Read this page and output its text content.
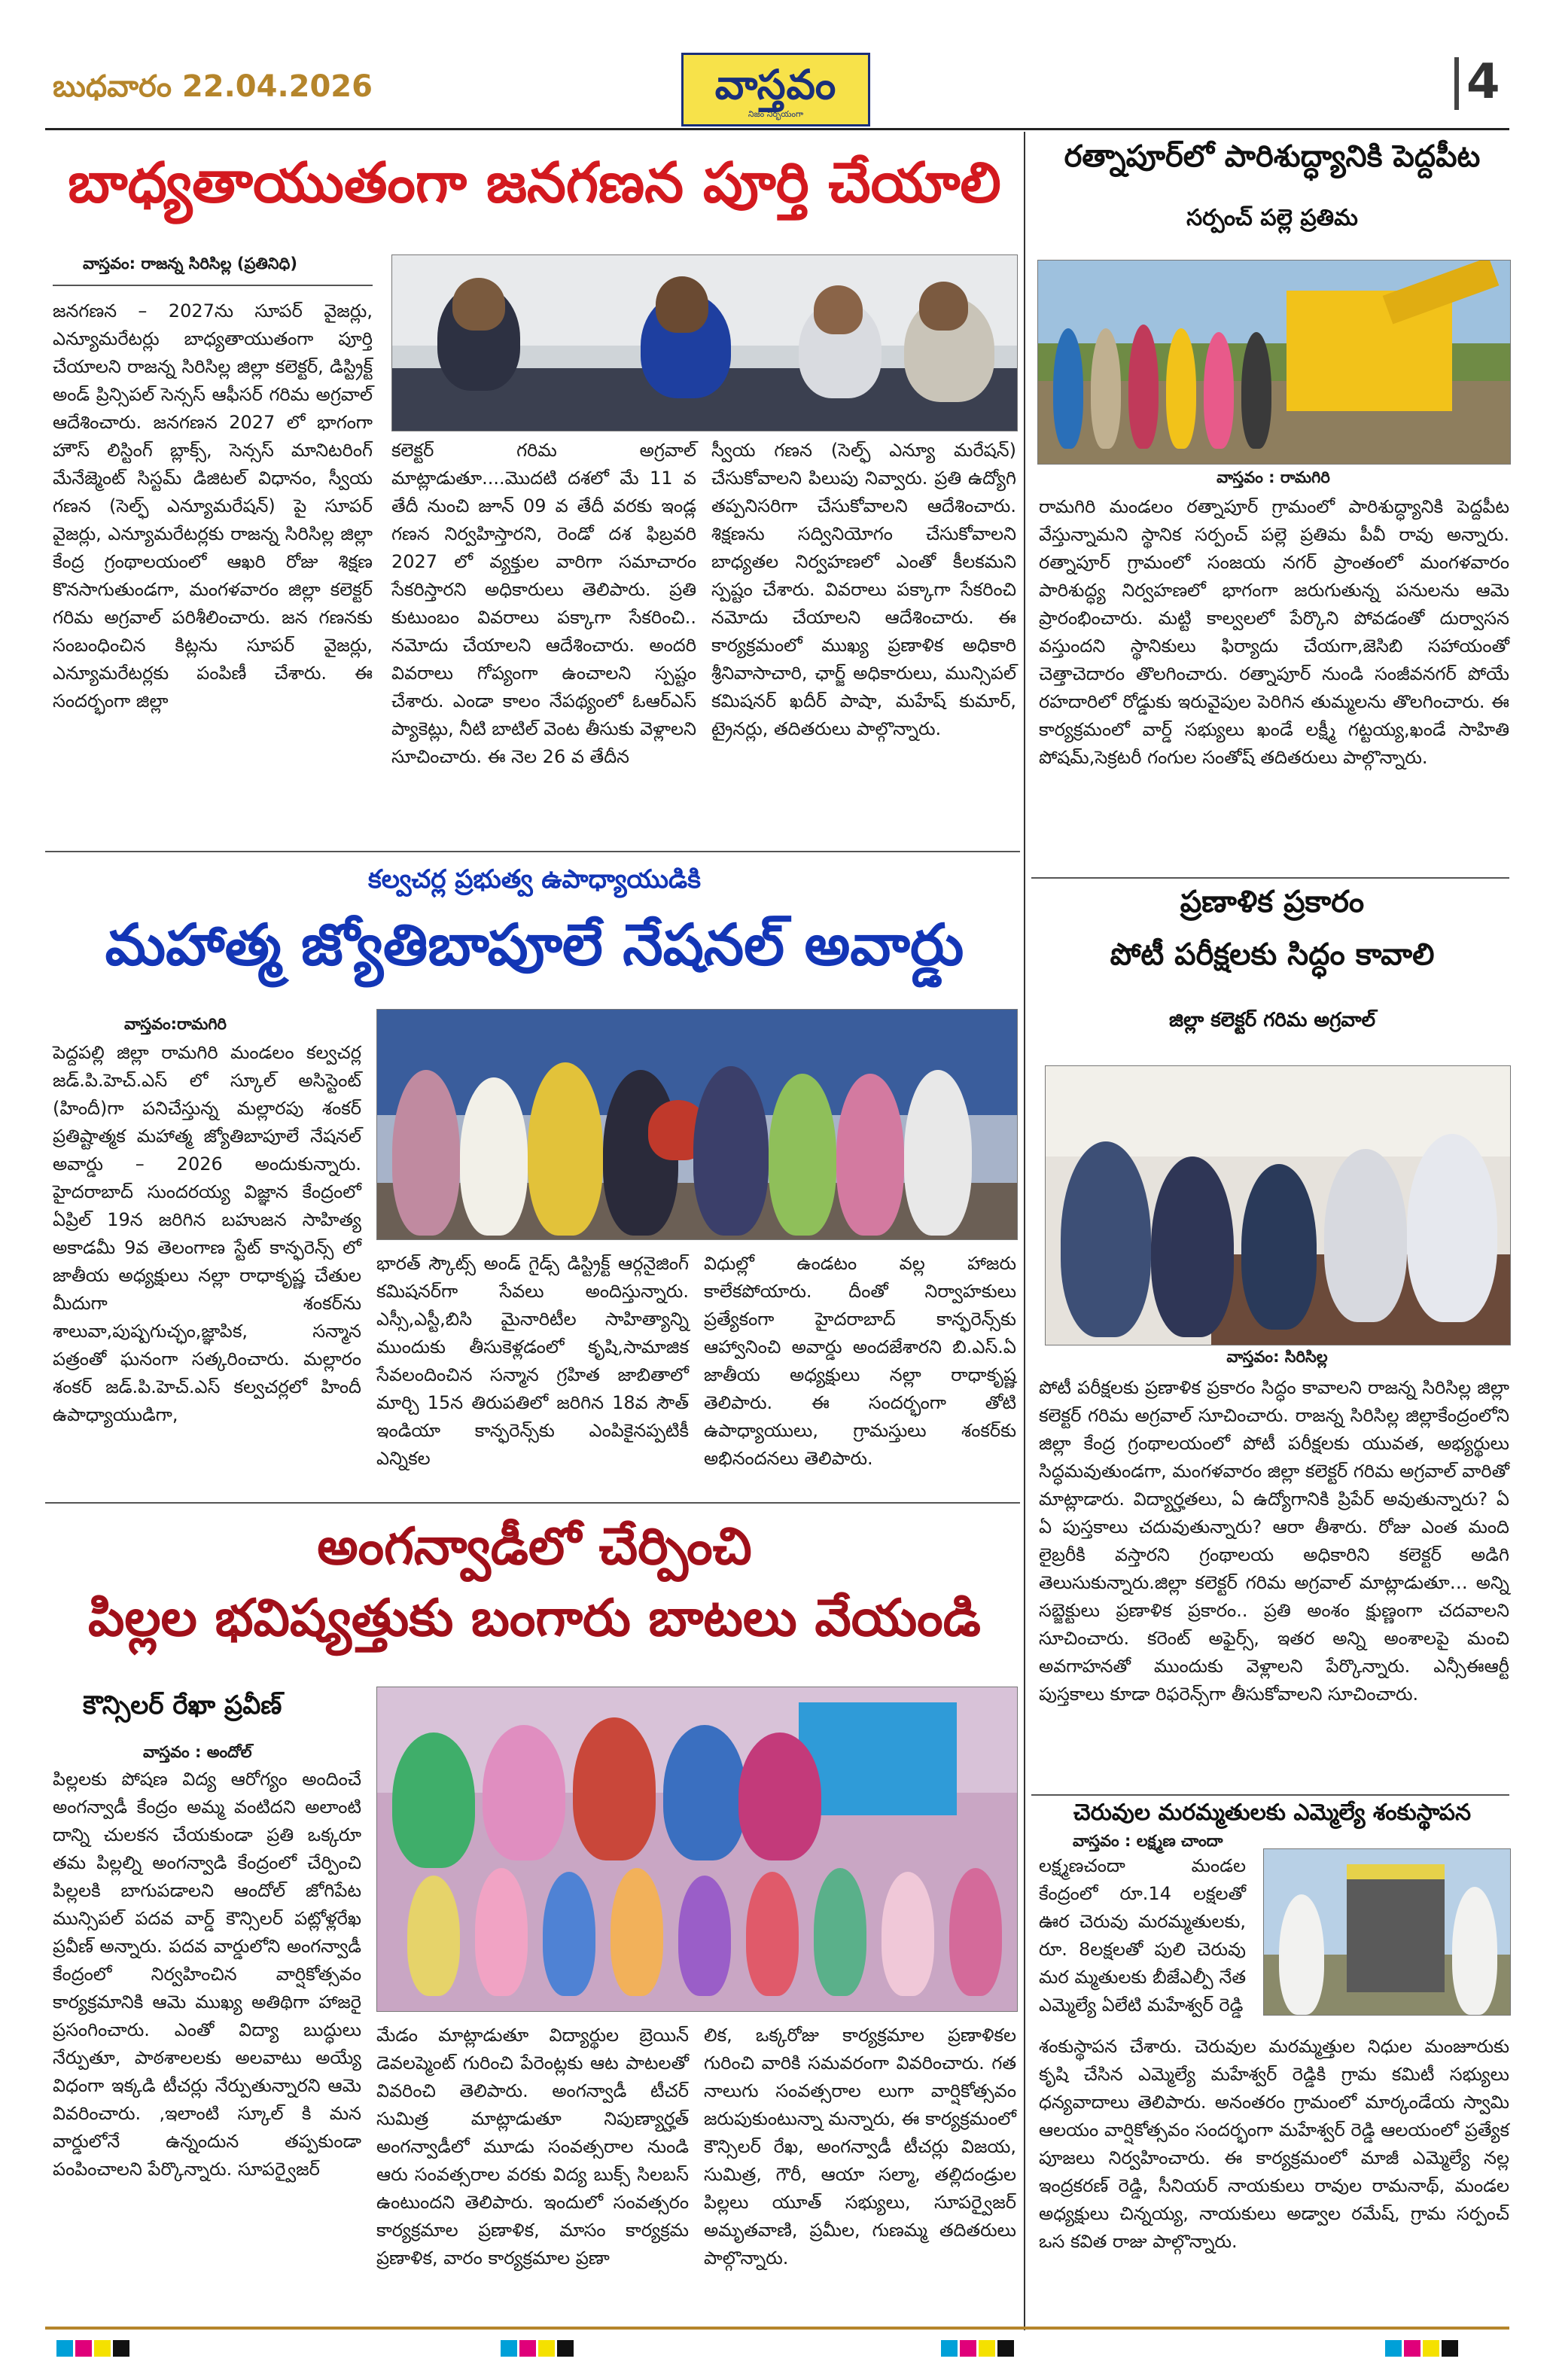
బుధవారం 22.04.2026	వాస్తవం
నిజం నిర్భయంగా
4
బాధ్యతాయుతంగా జనగణన పూర్తి చేయాలి
వాస్తవం: రాజన్న సిరిసిల్ల (ప్రతినిధి)

జనగణన – 2027ను సూపర్ వైజర్లు, ఎన్యూమరేటర్లు బాధ్యతాయుతంగా పూర్తి చేయాలని రాజన్న సిరిసిల్ల జిల్లా కలెక్టర్, డిస్ట్రిక్ట్ అండ్ ప్రిన్సిపల్ సెన్సస్ ఆఫీసర్ గరిమ అగ్రవాల్ ఆదేశించారు. జనగణన 2027 లో భాగంగా హౌస్ లిస్టింగ్ బ్లాక్స్, సెన్సస్ మానిటరింగ్ మేనేజ్మెంట్ సిస్టమ్ డిజిటల్ విధానం, స్వీయ గణన (సెల్ఫ్ ఎన్యూమరేషన్) పై సూపర్ వైజర్లు, ఎన్యూమరేటర్లకు రాజన్న సిరిసిల్ల జిల్లా కేంద్ర గ్రంథాలయంలో ఆఖరి రోజు శిక్షణ కొనసాగుతుండగా, మంగళవారం జిల్లా కలెక్టర్ గరిమ అగ్రవాల్ పరిశీలించారు. జన గణనకు సంబంధించిన కిట్లను సూపర్ వైజర్లు, ఎన్యూమరేటర్లకు పంపిణీ చేశారు. ఈ సందర్భంగా జిల్లా

కలెక్టర్ గరిమ అగ్రవాల్ మాట్లాడుతూ....మొదటి దశలో మే 11 వ తేదీ నుంచి జూన్ 09 వ తేదీ వరకు ఇండ్ల గణన నిర్వహిస్తారని, రెండో దశ ఫిబ్రవరి 2027 లో వ్యక్తుల వారిగా సమాచారం సేకరిస్తారని అధికారులు తెలిపారు. ప్రతి కుటుంబం వివరాలు పక్కాగా సేకరించి.. నమోదు చేయాలని ఆదేశించారు. అందరి వివరాలు గోప్యంగా ఉంచాలని స్పష్టం చేశారు. ఎండా కాలం నేపథ్యంలో ఓఆర్ఎస్ ప్యాకెట్లు, నీటి బాటిల్ వెంట తీసుకు వెళ్లాలని సూచించారు. ఈ నెల 26 వ తేదీన

స్వీయ గణన (సెల్ఫ్ ఎన్యూ మరేషన్) చేసుకోవాలని పిలుపు నివ్వారు. ప్రతి ఉద్యోగి తప్పనిసరిగా చేసుకోవాలని ఆదేశించారు. శిక్షణను సద్వినియోగం చేసుకోవాలని బాధ్యతల నిర్వహణలో ఎంతో కీలకమని స్పష్టం చేశారు. వివరాలు పక్కాగా సేకరించి నమోదు చేయాలని ఆదేశించారు. ఈ కార్యక్రమంలో ముఖ్య ప్రణాళిక అధికారి శ్రీనివాసాచారి, ఛార్జ్ అధికారులు, మున్సిపల్ కమిషనర్ ఖదీర్ పాషా, మహేష్ కుమార్, ట్రైనర్లు, తదితరులు పాల్గొన్నారు.

కల్వచర్ల ప్రభుత్వ ఉపాధ్యాయుడికి
మహాత్మ జ్యోతిబాపూలే నేషనల్ అవార్డు
వాస్తవం:రామగిరి

పెద్దపల్లి జిల్లా రామగిరి మండలం కల్వచర్ల జడ్.పి.హెచ్.ఎస్ లో స్కూల్ అసిస్టెంట్ (హిందీ)గా పనిచేస్తున్న మల్లారపు శంకర్ ప్రతిష్టాత్మక మహాత్మ జ్యోతిబాపూలే నేషనల్ అవార్డు – 2026 అందుకున్నారు. హైదరాబాద్ సుందరయ్య విజ్ఞాన కేంద్రంలో ఏప్రిల్ 19న జరిగిన బహుజన సాహిత్య అకాడమీ 9వ తెలంగాణ స్టేట్ కాన్ఫరెన్స్ లో జాతీయ అధ్యక్షులు నల్లా రాధాకృష్ణ చేతుల మీదుగా శంకర్‌ను శాలువా,పుష్పగుచ్ఛం,జ్ఞాపిక, సన్మాన పత్రంతో ఘనంగా సత్కరించారు. మల్లారం శంకర్ జడ్.పి.హెచ్.ఎస్ కల్వచర్లలో హిందీ ఉపాధ్యాయుడిగా,

భారత్ స్కౌట్స్ అండ్ గైడ్స్ డిస్ట్రిక్ట్ ఆర్గనైజింగ్ కమిషనర్‌గా సేవలు అందిస్తున్నారు. ఎస్సీ,ఎస్టీ,బిసి మైనారిటీల సాహిత్యాన్ని ముందుకు తీసుకెళ్లడంలో కృషి,సామాజిక సేవలందించిన సన్మాన గ్రహిత జాబితాలో మార్చి 15న తిరుపతిలో జరిగిన 18వ సౌత్ ఇండియా కాన్ఫరెన్స్‌కు ఎంపికైనప్పటికీ ఎన్నికల

విధుల్లో ఉండటం వల్ల హాజరు కాలేకపోయారు. దీంతో నిర్వాహకులు ప్రత్యేకంగా హైదరాబాద్ కాన్ఫరెన్స్‌కు ఆహ్వానించి అవార్డు అందజేశారని బి.ఎస్.ఏ జాతీయ అధ్యక్షులు నల్లా రాధాకృష్ణ తెలిపారు. ఈ సందర్భంగా తోటి ఉపాధ్యాయులు, గ్రామస్తులు శంకర్‌కు అభినందనలు తెలిపారు.

అంగన్వాడీలో చేర్పించి
పిల్లల భవిష్యత్తుకు బంగారు బాటలు వేయండి
కౌన్సిలర్ రేఖా ప్రవీణ్
వాస్తవం : అందోల్

పిల్లలకు పోషణ విద్య ఆరోగ్యం అందించే అంగన్వాడీ కేంద్రం అమ్మ వంటిదని అలాంటి దాన్ని చులకన చేయకుండా ప్రతి ఒక్కరూ తమ పిల్లల్ని అంగన్వాడి కేంద్రంలో చేర్పించి పిల్లలకి బాగుపడాలని ఆందోల్ జోగిపేట మున్సిపల్ పదవ వార్డ్ కౌన్సిలర్ పట్లోళ్లరేఖ ప్రవీణ్ అన్నారు. పదవ వార్డులోని అంగన్వాడీ కేంద్రంలో నిర్వహించిన వార్షికోత్సవం కార్యక్రమానికి ఆమె ముఖ్య అతిథిగా హాజరై ప్రసంగించారు. ఎంతో విద్యా బుద్ధులు నేర్పుతూ, పాఠశాలలకు అలవాటు అయ్యే విధంగా ఇక్కడి టీచర్లు నేర్పుతున్నారని ఆమె వివరించారు. ,ఇలాంటి స్కూల్ కి మన వార్డులోనే ఉన్నందున తప్పకుండా పంపించాలని పేర్కొన్నారు. సూపర్వైజర్

మేడం మాట్లాడుతూ విద్యార్థుల బ్రెయిన్ డెవలప్మెంట్ గురించి పేరెంట్లకు ఆట పాటలతో వివరించి తెలిపారు. అంగన్వాడీ టీచర్ సుమిత్ర మాట్లాడుతూ నిపుణ్యార్హత్ అంగన్వాడీలో మూడు సంవత్సరాల నుండి ఆరు సంవత్సరాల వరకు విద్య బుక్స్ సిలబస్ ఉంటుందని తెలిపారు. ఇందులో సంవత్సరం కార్యక్రమాల ప్రణాళిక, మాసం కార్యక్రమ ప్రణాళిక, వారం కార్యక్రమాల ప్రణా

లిక, ఒక్కరోజు కార్యక్రమాల ప్రణాళికల గురించి వారికి సమవరంగా వివరించారు. గత నాలుగు సంవత్సరాల లుగా వార్షికోత్సవం జరుపుకుంటున్నా మన్నారు, ఈ కార్యక్రమంలో కౌన్సిలర్ రేఖ, అంగన్వాడీ టీచర్లు విజయ, సుమిత్ర, గౌరీ, ఆయా సల్మా, తల్లిదండ్రుల పిల్లలు యూత్ సభ్యులు, సూపర్వైజర్ అమృతవాణి, ప్రమీల, గుణమ్మ తదితరులు పాల్గొన్నారు.

రత్నాపూర్‌లో పారిశుద్ధ్యానికి పెద్దపీట
సర్పంచ్ పల్లె ప్రతిమ
వాస్తవం : రామగిరి

రామగిరి మండలం రత్నాపూర్ గ్రామంలో పారిశుద్ధ్యానికి పెద్దపీట వేస్తున్నామని స్థానిక సర్పంచ్ పల్లె ప్రతిమ పీవీ రావు అన్నారు. రత్నాపూర్ గ్రామంలో సంజయ నగర్ ప్రాంతంలో మంగళవారం పారిశుద్ధ్య నిర్వహణలో భాగంగా జరుగుతున్న పనులను ఆమె ప్రారంభించారు. మట్టి కాల్వలలో పేర్కొని పోవడంతో దుర్వాసన వస్తుందని స్థానికులు ఫిర్యాదు చేయగా,జెసిబి సహాయంతో చెత్తాచెదారం తొలగించారు. రత్నాపూర్ నుండి సంజీవనగర్ పోయే రహదారిలో రోడ్డుకు ఇరువైపుల పెరిగిన తుమ్మలను తొలగించారు. ఈ కార్యక్రమంలో వార్డ్ సభ్యులు ఖండే లక్ష్మీ గట్టయ్య,ఖండే సాహితి పోషమ్,సెక్రటరీ గంగుల సంతోష్ తదితరులు పాల్గొన్నారు.

ప్రణాళిక ప్రకారం
పోటీ పరీక్షలకు సిద్ధం కావాలి
జిల్లా కలెక్టర్ గరిమ అగ్రవాల్
వాస్తవం: సిరిసిల్ల

పోటీ పరీక్షలకు ప్రణాళిక ప్రకారం సిద్ధం కావాలని రాజన్న సిరిసిల్ల జిల్లా కలెక్టర్ గరిమ అగ్రవాల్ సూచించారు. రాజన్న సిరిసిల్ల జిల్లాకేంద్రంలోని జిల్లా కేంద్ర గ్రంథాలయంలో పోటీ పరీక్షలకు యువత, అభ్యర్థులు సిద్ధమవుతుండగా, మంగళవారం జిల్లా కలెక్టర్ గరిమ అగ్రవాల్ వారితో మాట్లాడారు. విద్యార్హతలు, ఏ ఉద్యోగానికి ప్రిపేర్ అవుతున్నారు? ఏ ఏ పుస్తకాలు చదువుతున్నారు? ఆరా తీశారు. రోజు ఎంత మంది లైబ్రరీకి వస్తారని గ్రంథాలయ అధికారిని కలెక్టర్ అడిగి తెలుసుకున్నారు.జిల్లా కలెక్టర్ గరిమ అగ్రవాల్ మాట్లాడుతూ… అన్ని సబ్జెక్టులు ప్రణాళిక ప్రకారం.. ప్రతి అంశం క్షుణ్ణంగా చదవాలని సూచించారు. కరెంట్ అఫైర్స్, ఇతర అన్ని అంశాలపై మంచి అవగాహనతో ముందుకు వెళ్లాలని పేర్కొన్నారు. ఎన్సీఈఆర్టీ పుస్తకాలు కూడా రిఫరెన్స్‌గా తీసుకోవాలని సూచించారు.

చెరువుల మరమ్మతులకు ఎమ్మెల్యే శంకుస్థాపన
వాస్తవం : లక్ష్మణ చాందా

లక్ష్మణచందా మండల కేంద్రంలో రూ.14 లక్షలతో ఊర చెరువు మరమ్మతులకు, రూ. 8లక్షలతో పులి చెరువు మర మ్మతులకు బీజేఎల్పీ నేత ఎమ్మెల్యే ఏలేటి మహేశ్వర్ రెడ్డి

శంకుస్థాపన చేశారు. చెరువుల మరమ్మత్తుల నిధుల మంజూరుకు కృషి చేసిన ఎమ్మెల్యే మహేశ్వర్ రెడ్డికి గ్రామ కమిటీ సభ్యులు ధన్యవాదాలు తెలిపారు. అనంతరం గ్రామంలో మార్కండేయ స్వామి ఆలయం వార్షికోత్సవం సందర్భంగా మహేశ్వర్ రెడ్డి ఆలయంలో ప్రత్యేక పూజలు నిర్వహించారు. ఈ కార్యక్రమంలో మాజీ ఎమ్మెల్యే నల్ల ఇంద్రకరణ్ రెడ్డి, సీనియర్ నాయకులు రావుల రామనాథ్, మండల అధ్యక్షులు చిన్నయ్య, నాయకులు అడ్వాల రమేష్, గ్రామ సర్పంచ్ ఒస కవిత రాజు పాల్గొన్నారు.
